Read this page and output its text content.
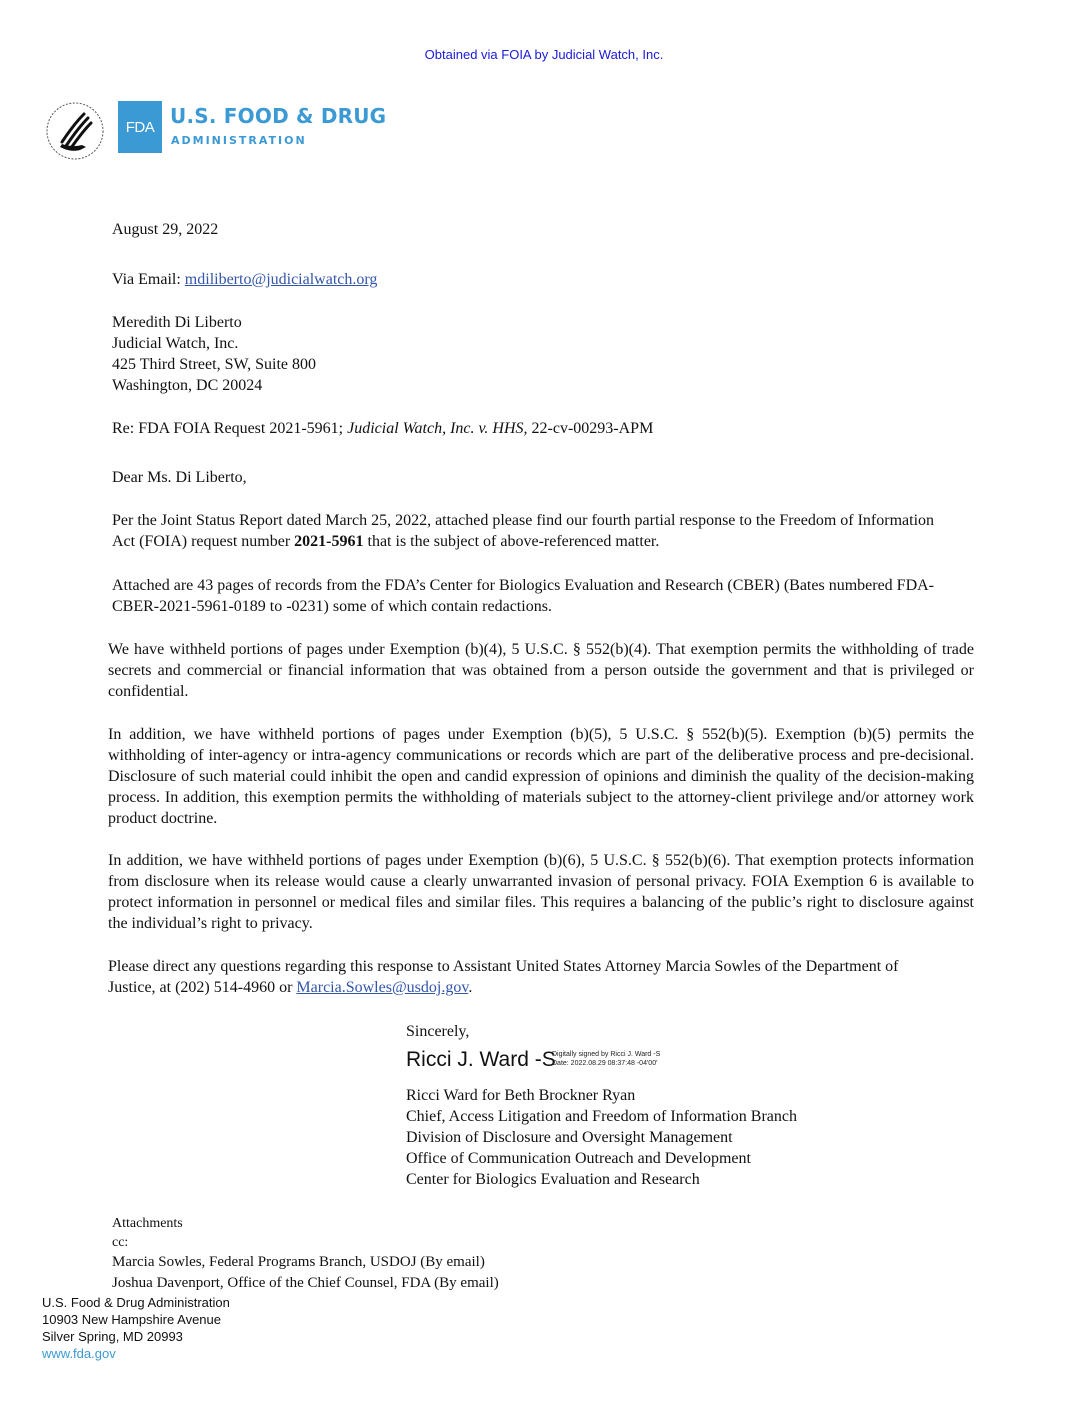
Obtained via FOIA by Judicial Watch, Inc.
FDA U.S. FOOD & DRUG
ADMINISTRATION
August 29, 2022
Via Email: mdiliberto@judicialwatch.org
Meredith Di Liberto
Judicial Watch, Inc.
425 Third Street, SW, Suite 800
Washington, DC 20024
Re: FDA FOIA Request 2021-5961; Judicial Watch, Inc. v. HHS, 22-cv-00293-APM
Dear Ms. Di Liberto,
Per the Joint Status Report dated March 25, 2022, attached please find our fourth partial response to the Freedom of Information Act (FOIA) request number 2021-5961 that is the subject of above-referenced matter.
Attached are 43 pages of records from the FDA’s Center for Biologics Evaluation and Research (CBER) (Bates numbered FDA-CBER-2021-5961-0189 to -0231) some of which contain redactions.
We have withheld portions of pages under Exemption (b)(4), 5 U.S.C. § 552(b)(4). That exemption permits the withholding of trade secrets and commercial or financial information that was obtained from a person outside the government and that is privileged or confidential.
In addition, we have withheld portions of pages under Exemption (b)(5), 5 U.S.C. § 552(b)(5). Exemption (b)(5) permits the withholding of inter-agency or intra-agency communications or records which are part of the deliberative process and pre-decisional. Disclosure of such material could inhibit the open and candid expression of opinions and diminish the quality of the decision-making process. In addition, this exemption permits the withholding of materials subject to the attorney-client privilege and/or attorney work product doctrine.
In addition, we have withheld portions of pages under Exemption (b)(6), 5 U.S.C. § 552(b)(6). That exemption protects information from disclosure when its release would cause a clearly unwarranted invasion of personal privacy. FOIA Exemption 6 is available to protect information in personnel or medical files and similar files. This requires a balancing of the public’s right to disclosure against the individual’s right to privacy.
Please direct any questions regarding this response to Assistant United States Attorney Marcia Sowles of the Department of Justice, at (202) 514-4960 or Marcia.Sowles@usdoj.gov.
Sincerely,
Ricci J. Ward -S
Digitally signed by Ricci J. Ward -S
Date: 2022.08.29 08:37:48 -04'00'
Ricci Ward for Beth Brockner Ryan
Chief, Access Litigation and Freedom of Information Branch
Division of Disclosure and Oversight Management
Office of Communication Outreach and Development
Center for Biologics Evaluation and Research
Attachments
cc:
Marcia Sowles, Federal Programs Branch, USDOJ (By email)
Joshua Davenport, Office of the Chief Counsel, FDA (By email)
U.S. Food & Drug Administration
10903 New Hampshire Avenue
Silver Spring, MD 20993
www.fda.gov
